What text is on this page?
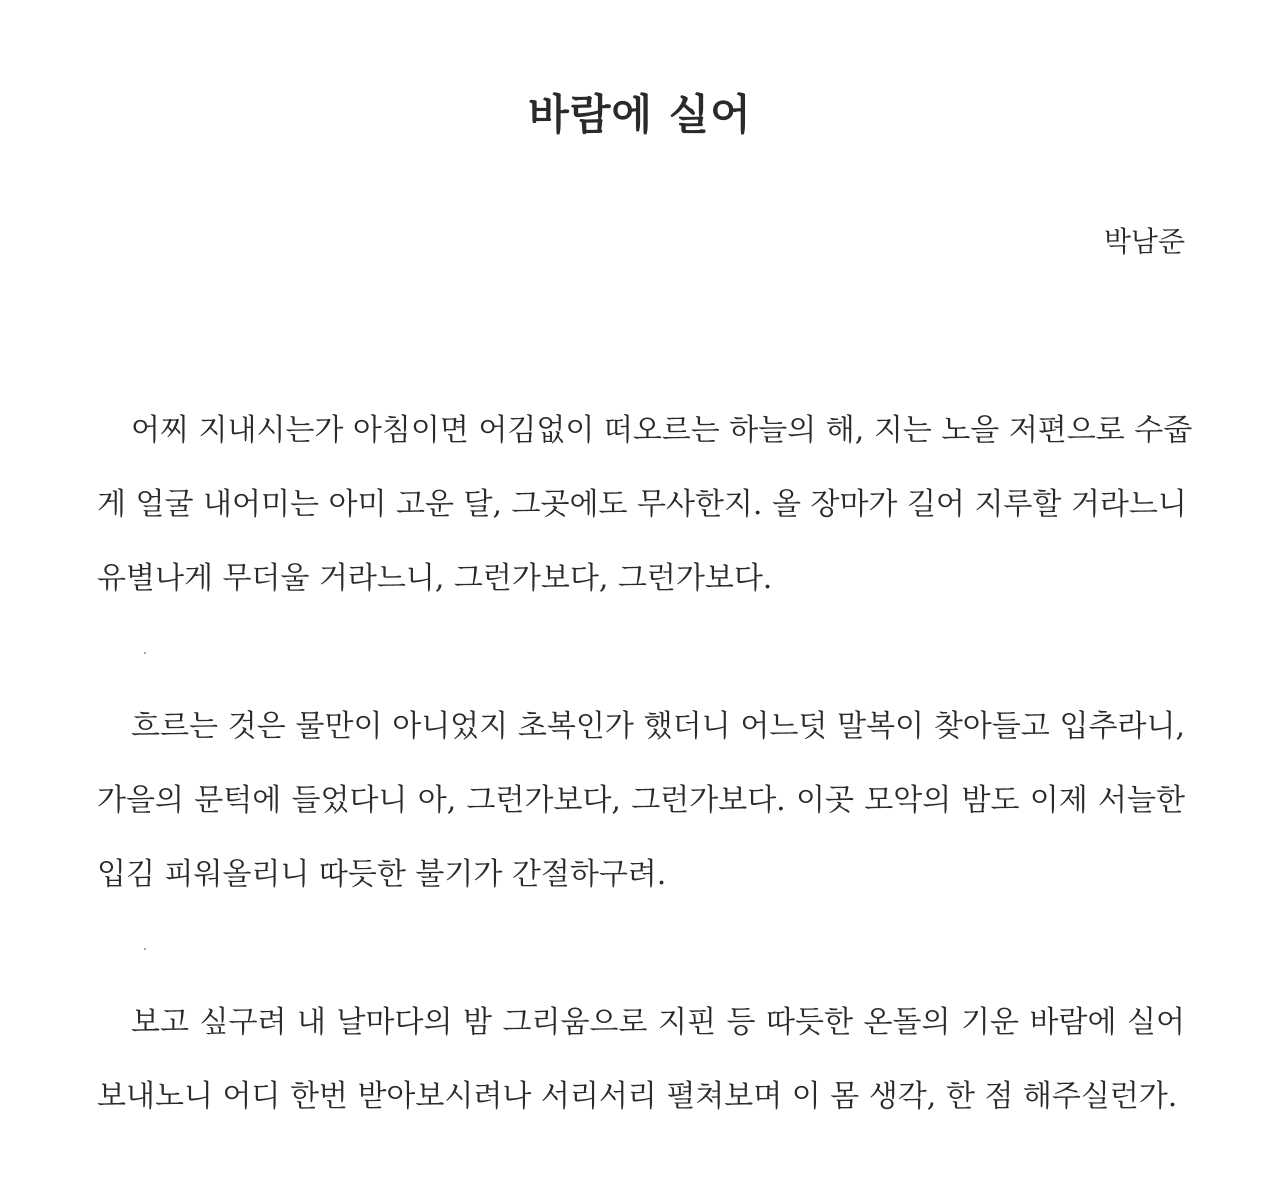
바람에 실어
박남준
어찌 지내시는가 아침이면 어김없이 떠오르는 하늘의 해, 지는 노을 저편으로 수줍
게 얼굴 내어미는 아미 고운 달, 그곳에도 무사한지. 올 장마가 길어 지루할 거라느니
유별나게 무더울 거라느니, 그런가보다, 그런가보다.
흐르는 것은 물만이 아니었지 초복인가 했더니 어느덧 말복이 찾아들고 입추라니,
가을의 문턱에 들었다니 아, 그런가보다, 그런가보다. 이곳 모악의 밤도 이제 서늘한
입김 피워올리니 따듯한 불기가 간절하구려.
보고 싶구려 내 날마다의 밤 그리움으로 지핀 등 따듯한 온돌의 기운 바람에 실어
보내노니 어디 한번 받아보시려나 서리서리 펼쳐보며 이 몸 생각, 한 점 해주실런가.
